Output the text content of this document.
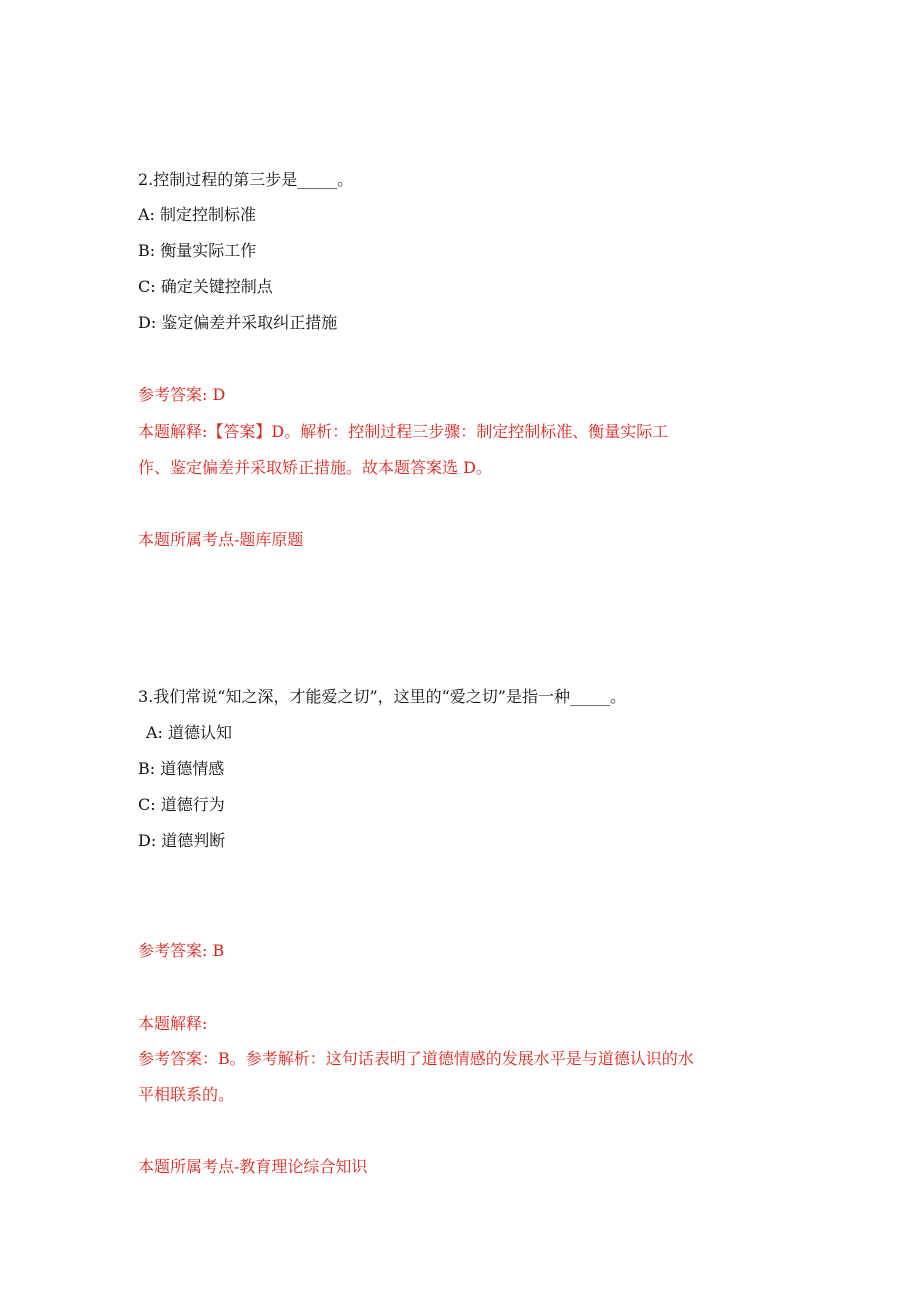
2.控制过程的第三步是_____。
A: 制定控制标准
B: 衡量实际工作
C: 确定关键控制点
D: 鉴定偏差并采取纠正措施
参考答案: D
本题解释:【答案】D。解析：控制过程三步骤：制定控制标准、衡量实际工
作、鉴定偏差并采取矫正措施。故本题答案选 D。
本题所属考点-题库原题
3.我们常说“知之深，才能爱之切”，这里的“爱之切”是指一种_____。
A: 道德认知
B: 道德情感
C: 道德行为
D: 道德判断
参考答案: B
本题解释:
参考答案：B。参考解析：这句话表明了道德情感的发展水平是与道德认识的水
平相联系的。
本题所属考点-教育理论综合知识
